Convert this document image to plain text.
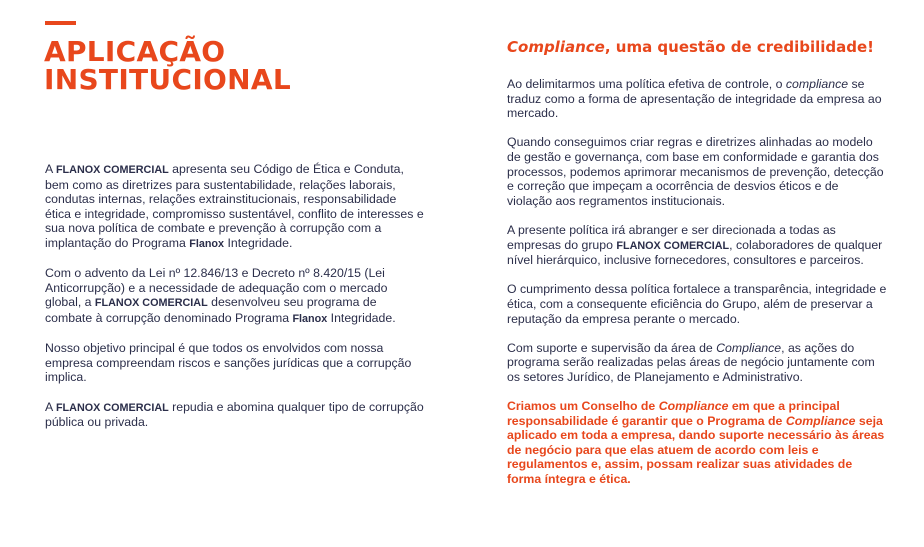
APLICAÇÃO
INSTITUCIONAL

A FLANOX COMERCIAL apresenta seu Código de Ética e Conduta, bem como as diretrizes para sustentabilidade, relações laborais, condutas internas, relações extrainstitucionais, responsabilidade ética e integridade, compromisso sustentável, conflito de interesses e sua nova política de combate e prevenção à corrupção com a implantação do Programa Flanox Integridade.

Com o advento da Lei nº 12.846/13 e Decreto nº 8.420/15 (Lei Anticorrupção) e a necessidade de adequação com o mercado global, a FLANOX COMERCIAL desenvolveu seu programa de combate à corrupção denominado Programa Flanox Integridade.

Nosso objetivo principal é que todos os envolvidos com nossa empresa compreendam riscos e sanções jurídicas que a corrupção implica.

A FLANOX COMERCIAL repudia e abomina qualquer tipo de corrupção pública ou privada.

Compliance, uma questão de credibilidade!

Ao delimitarmos uma política efetiva de controle, o compliance se traduz como a forma de apresentação de integridade da empresa ao mercado.

Quando conseguimos criar regras e diretrizes alinhadas ao modelo de gestão e governança, com base em conformidade e garantia dos processos, podemos aprimorar mecanismos de prevenção, detecção e correção que impeçam a ocorrência de desvios éticos e de violação aos regramentos institucionais.

A presente política irá abranger e ser direcionada a todas as empresas do grupo FLANOX COMERCIAL, colaboradores de qualquer nível hierárquico, inclusive fornecedores, consultores e parceiros.

O cumprimento dessa política fortalece a transparência, integridade e ética, com a consequente eficiência do Grupo, além de preservar a reputação da empresa perante o mercado.

Com suporte e supervisão da área de Compliance, as ações do programa serão realizadas pelas áreas de negócio juntamente com os setores Jurídico, de Planejamento e Administrativo.

Criamos um Conselho de Compliance em que a principal responsabilidade é garantir que o Programa de Compliance seja aplicado em toda a empresa, dando suporte necessário às áreas de negócio para que elas atuem de acordo com leis e regulamentos e, assim, possam realizar suas atividades de forma íntegra e ética.
